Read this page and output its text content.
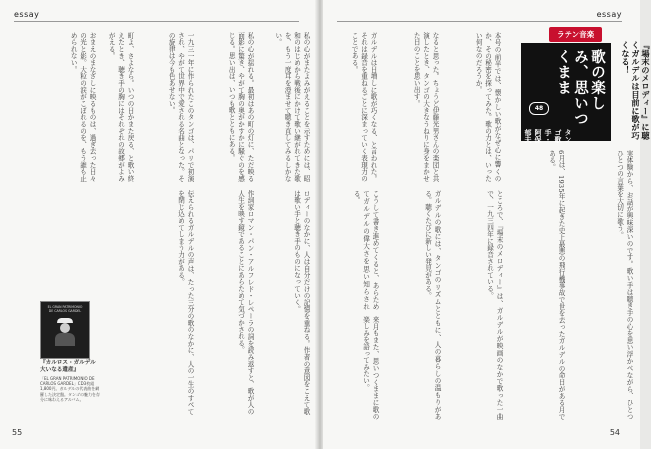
essay
私の心がまたよみがえることを示すためには、昭和のはじめから戦後にかけて歌い継がれてきた歌を、もう一度耳を澄ませて聴き直してみるしかない。
私の心が揺れる。最初はあの町の灯に、ただ映る面影に驚き、やがて胸の奥がかすかに騒ぐのを感じる。思い出は、いつも歌とともにある。
一九三一年に作られたこのタンゴは、パリで初演され、やがて世界中で愛される名曲となった。その旋律は今も色あせない。
町よ、さよなら。いつの日かまた戻る、と歌い終えたとき、聴き手の胸にはそれぞれの故郷がよみがえる。
おまえのまなざしに映るものは、過ぎ去った日々の光と影。大粒の涙がこぼれるのを、もう誰も止められない。
ロディーのなかに、人は自分だけの記憶を重ねる。作者の意図をこえて歌は歌い手と聴き手のものになっていく。
作詞家ロマン・パン・アルフレド・レペーラの詞を読み返すと、歌が人の人生を映す鏡であることにあらためて気づかされる。
伝えられるガルデルの声は、たった三分の歌のなかに、人の一生のすべてを閉じ込めてしまう力がある。
EL GRAN PATRIMONIO DE CARLOS GARDEL
『カルロス・ガルデル 大いなる遺産』
「EL GRAN PATRIMONIO DE CARLOS GARDEL」CD3枚組 1,800円。ガルデルの代表曲を網羅した決定盤。タンゴの魅力を存分に味わえるアルバム。
55
essay
ラテン音楽
歌の楽しみ、思いつくまま
48
タンゴ歌手・阿保郁夫	『場末のメロディー』に聴くガルデルは目前に歌が巧くなる！
本号の前半では、懐かしい歌がなぜ心に響くのか、その秘密を探ってみた。歌の力とは、いったい何なのだろうか。
なると思った。ちょうど伊藤光男さんの楽団と共演したとき、タンゴの大きなうねりに身をまかせた日のことを思い出す。
ガルデルは日増しに歌が巧くなる、と言われた。それは録音を重ねるごとに深まっていく表現力のことである。
実体験から、お話が興味深いのです。歌い手は聴き手の心を思い浮かべながら、ひとつひとつの言葉を大切に歌う。
6月は、1935年に起きた史上最悪の飛行機事故で世を去ったガルデルの命日がある月である。
ところで、『場末のメロディー』は、ガルデルが映画のなかで歌った一曲で、一九三四年に録音されている。
ガルデルの歌には、タンゴのリズムとともに、人の暮らしの温もりがある。聴くたびに新しい発見がある。
こうして書き進めてくると、あらためてガルデルの偉大さを思い知らされる。
来月もまた、思いつくままに歌の楽しみを語ってみたい。
54
